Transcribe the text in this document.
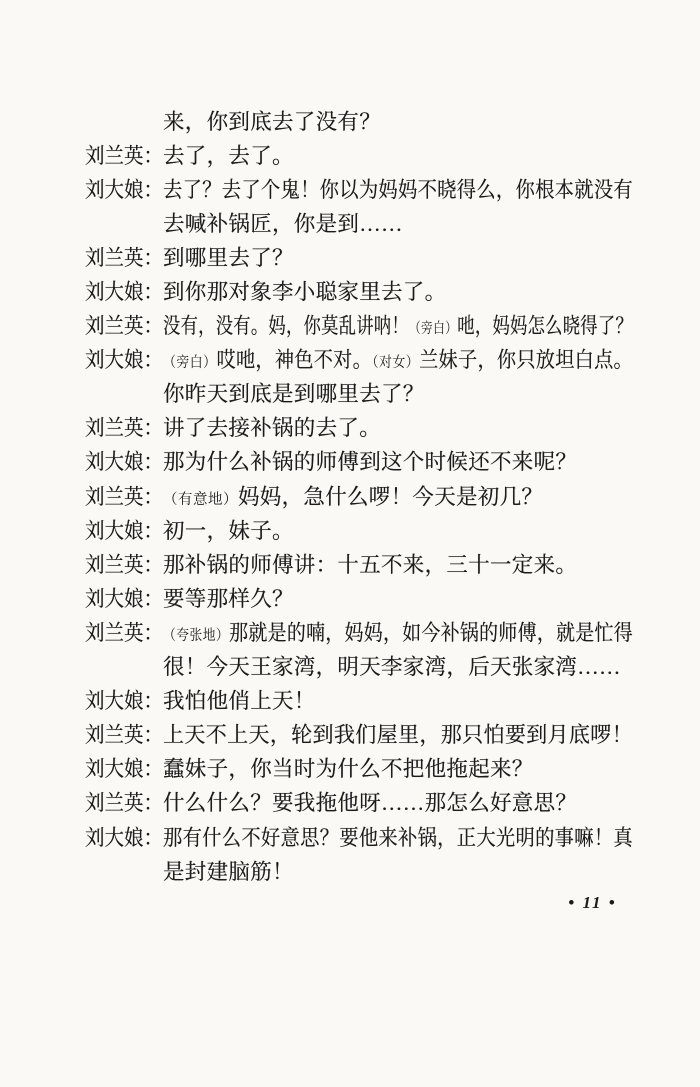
来，你到底去了没有？
刘兰英： 去了，去了。
刘大娘： 去了？去了个鬼！你以为妈妈不晓得么，你根本就没有
去喊补锅匠，你是到……
刘兰英： 到哪里去了？
刘大娘： 到你那对象李小聪家里去了。
刘兰英： 没有，没有。妈，你莫乱讲呐！（旁白）吔，妈妈怎么晓得了？
刘大娘： （旁白）哎吔，神色不对。（对女）兰妹子，你只放坦白点。
你昨天到底是到哪里去了？
刘兰英： 讲了去接补锅的去了。
刘大娘： 那为什么补锅的师傅到这个时候还不来呢？
刘兰英： （有意地）妈妈，急什么啰！今天是初几？
刘大娘： 初一，妹子。
刘兰英： 那补锅的师傅讲：十五不来，三十一定来。
刘大娘： 要等那样久？
刘兰英： （夸张地）那就是的喃，妈妈，如今补锅的师傅，就是忙得
很！今天王家湾，明天李家湾，后天张家湾……
刘大娘： 我怕他俏上天！
刘兰英： 上天不上天，轮到我们屋里，那只怕要到月底啰！
刘大娘： 蠢妹子，你当时为什么不把他拖起来？
刘兰英： 什么什么？要我拖他呀……那怎么好意思？
刘大娘： 那有什么不好意思？要他来补锅，正大光明的事嘛！真
是封建脑筋！
• 11 •
